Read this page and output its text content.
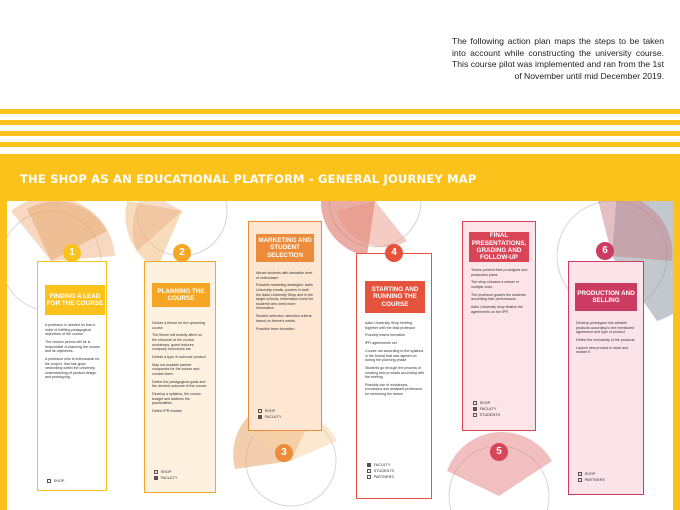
The following action plan maps the steps to be taken into account while constructing the university course. This course pilot was implemented and ran from the 1st of November until mid December 2019.
THE SHOP AS AN EDUCATIONAL PLATFORM - GENERAL JOURNEY MAP
1
FINDING A LEAD FOR THE COURSE

A professor is needed for this in order of fulfilling pedagogical objectives of the course.

The chosen person will be is responsible of planning the course and its objectives.

A professor who is enthusiastic for the project, that has good networking within the university, understanding of product design and prototyping.

SHOP
2
PLANNING THE COURSE

Decide a theme for the upcoming course

The theme will heavily affect on the structure of the course: workshops, guest lectures, company excursions etc.

Decide a type of outcome product

Map out possible partner companies for the course and contact them

Define the pedagogical goals and the desired outcome of the course

Develop a syllabus, the course budget and address the practicalities

Define IPR models

SHOP
FACULTY
MARKETING AND STUDENT SELECTION

Attract students with desirable level of enthusiasm

Possible marketing strategies: Aalto University emails, posters in both the Aalto University Shop and in the target schools, information event for students who need more information

Student selection: selection criteria based on theme's needs

Possible team formation

SHOP
FACULTY
3
4
STARTING AND RUNNING THE COURSE

Aalto University Shop briefing together with the lead professor

Possibly teams formation

IPR agreements set

Course ran according to the syllabus in the format that was agreed on during the planning phase

Students go through the process of creating new products according with the briefing

Possibly use of workshops, excursions and assistant professors for mentoring the teams

FACULTY
STUDENTS
PARTNERS
FINAL PRESENTATIONS, GRADING AND FOLLOW-UP

Teams present their prototypes and production plans

The shop chooses a winner or multiple ones

The professor grades the students according their performance

Aalto University shop finalize the agreements on the IPR

SHOP
FACULTY
STUDENTS
5
6
PRODUCTION AND SELLING

Develop prototypes into sellable products according to the mentioned agreement and type of product

Define the exclusivity of the products

Launch new product in store and market it

SHOP
PARTNERS
